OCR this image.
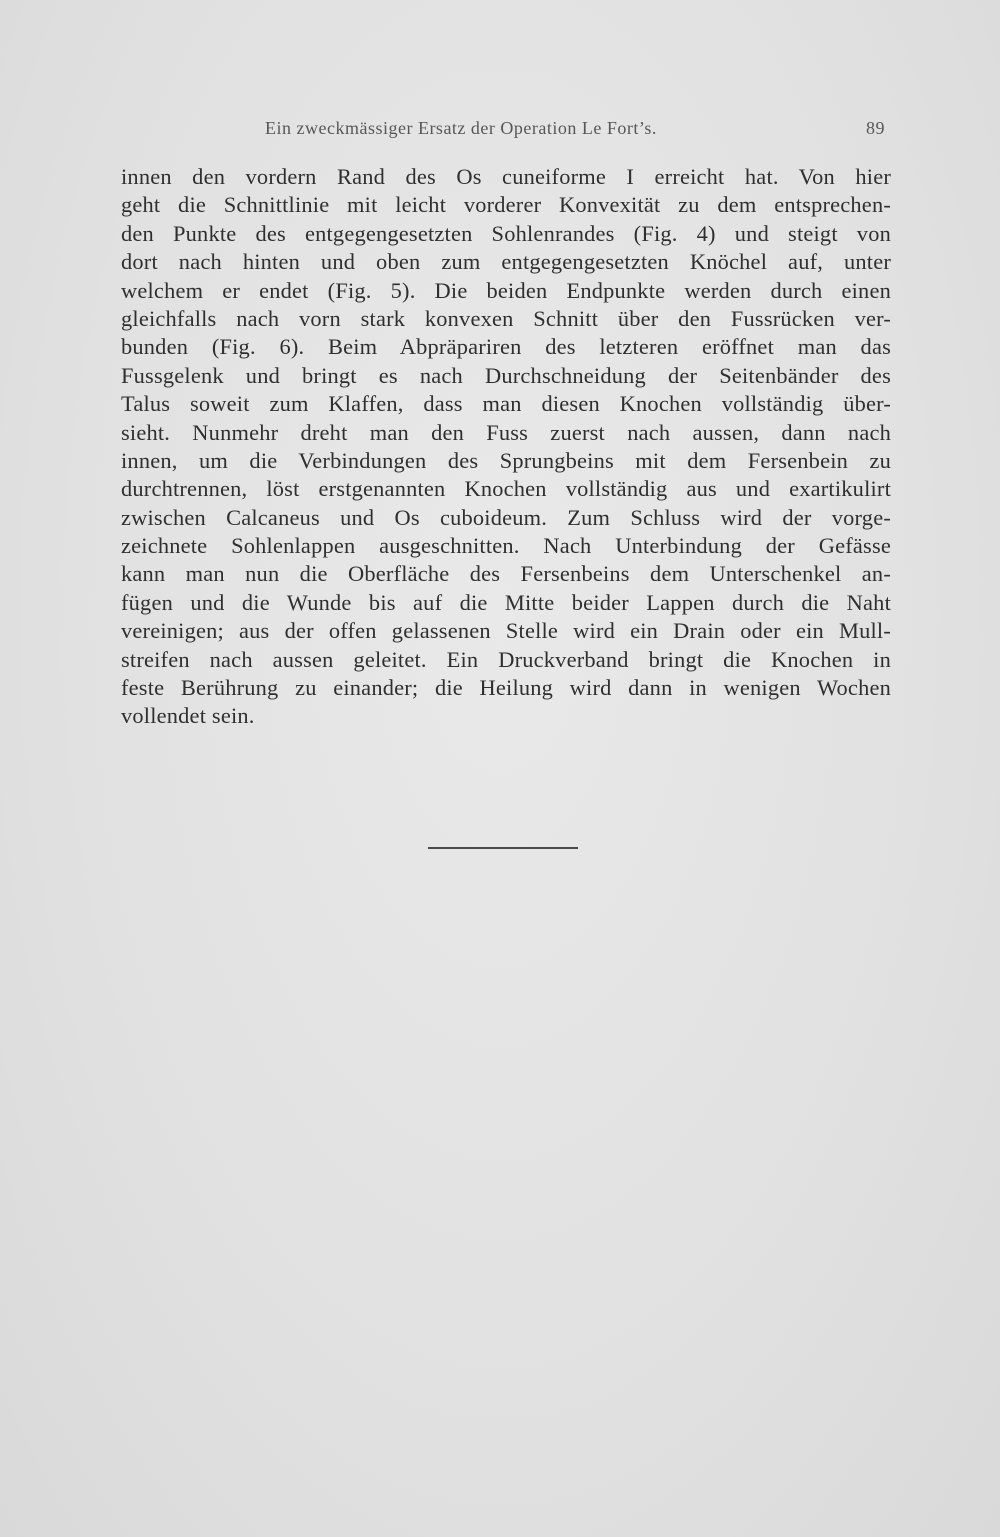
Ein zweckmässiger Ersatz der Operation Le Fort’s.	89
innen den vordern Rand des Os cuneiforme I erreicht hat. Von hier
geht die Schnittlinie mit leicht vorderer Konvexität zu dem entsprechen-
den Punkte des entgegengesetzten Sohlenrandes (Fig. 4) und steigt von
dort nach hinten und oben zum entgegengesetzten Knöchel auf, unter
welchem er endet (Fig. 5). Die beiden Endpunkte werden durch einen
gleichfalls nach vorn stark konvexen Schnitt über den Fussrücken ver-
bunden (Fig. 6). Beim Abpräpariren des letzteren eröffnet man das
Fussgelenk und bringt es nach Durchschneidung der Seitenbänder des
Talus soweit zum Klaffen, dass man diesen Knochen vollständig über-
sieht. Nunmehr dreht man den Fuss zuerst nach aussen, dann nach
innen, um die Verbindungen des Sprungbeins mit dem Fersenbein zu
durchtrennen, löst erstgenannten Knochen vollständig aus und exartikulirt
zwischen Calcaneus und Os cuboideum. Zum Schluss wird der vorge-
zeichnete Sohlenlappen ausgeschnitten. Nach Unterbindung der Gefässe
kann man nun die Oberfläche des Fersenbeins dem Unterschenkel an-
fügen und die Wunde bis auf die Mitte beider Lappen durch die Naht
vereinigen; aus der offen gelassenen Stelle wird ein Drain oder ein Mull-
streifen nach aussen geleitet. Ein Druckverband bringt die Knochen in
feste Berührung zu einander; die Heilung wird dann in wenigen Wochen
vollendet sein.
